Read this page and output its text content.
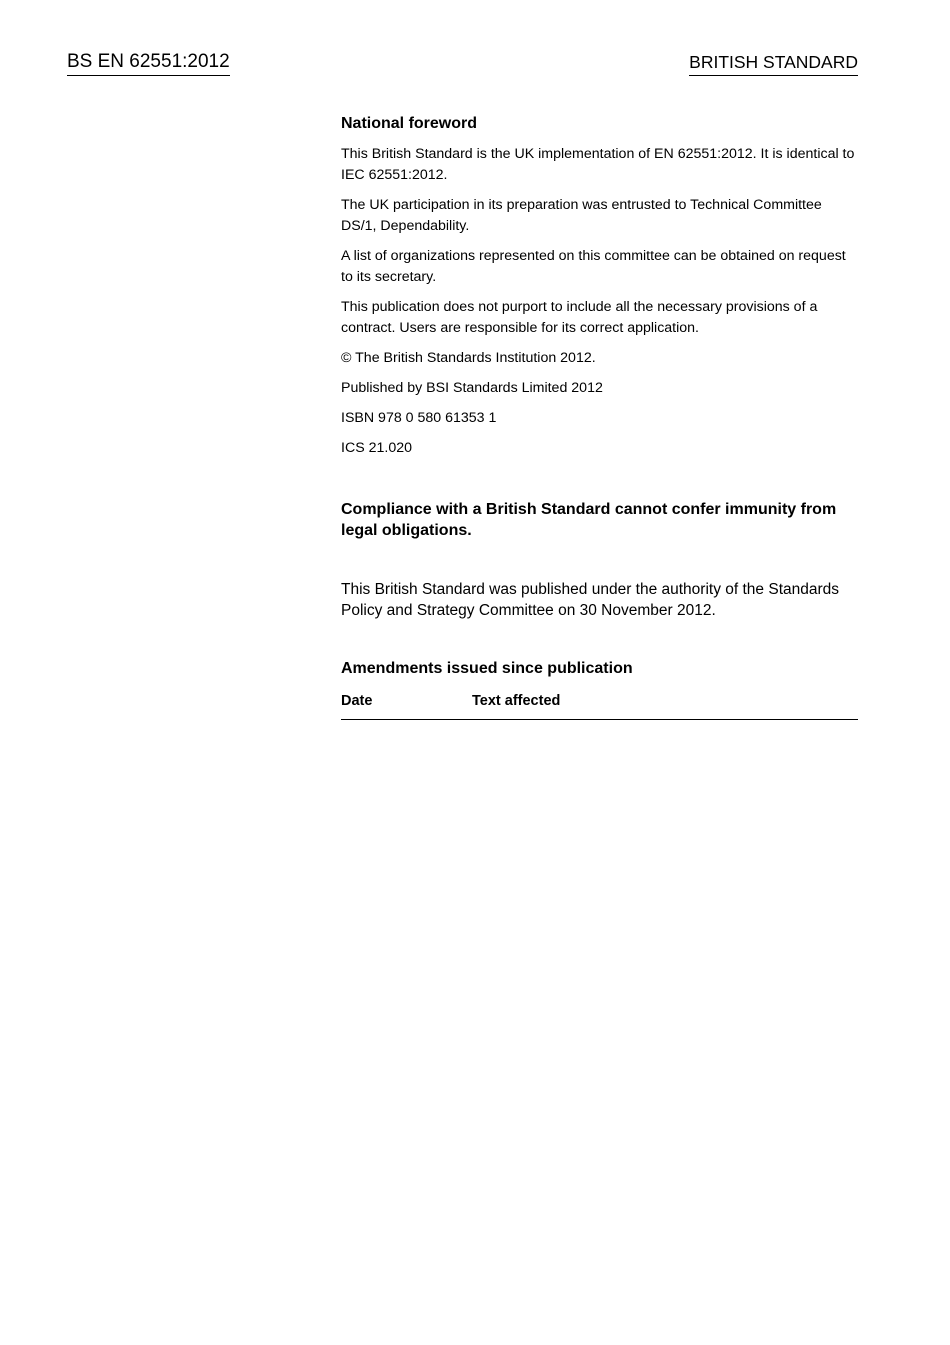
BS EN 62551:2012	BRITISH STANDARD
National foreword

This British Standard is the UK implementation of EN 62551:2012. It is identical to IEC 62551:2012.

The UK participation in its preparation was entrusted to Technical Committee DS/1, Dependability.

A list of organizations represented on this committee can be obtained on request to its secretary.

This publication does not purport to include all the necessary provisions of a contract. Users are responsible for its correct application.

© The British Standards Institution 2012.

Published by BSI Standards Limited 2012

ISBN 978 0 580 61353 1

ICS 21.020

Compliance with a British Standard cannot confer immunity from legal obligations.
This British Standard was published under the authority of the Standards Policy and Strategy Committee on 30 November 2012.
Amendments issued since publication
Date	Text affected
